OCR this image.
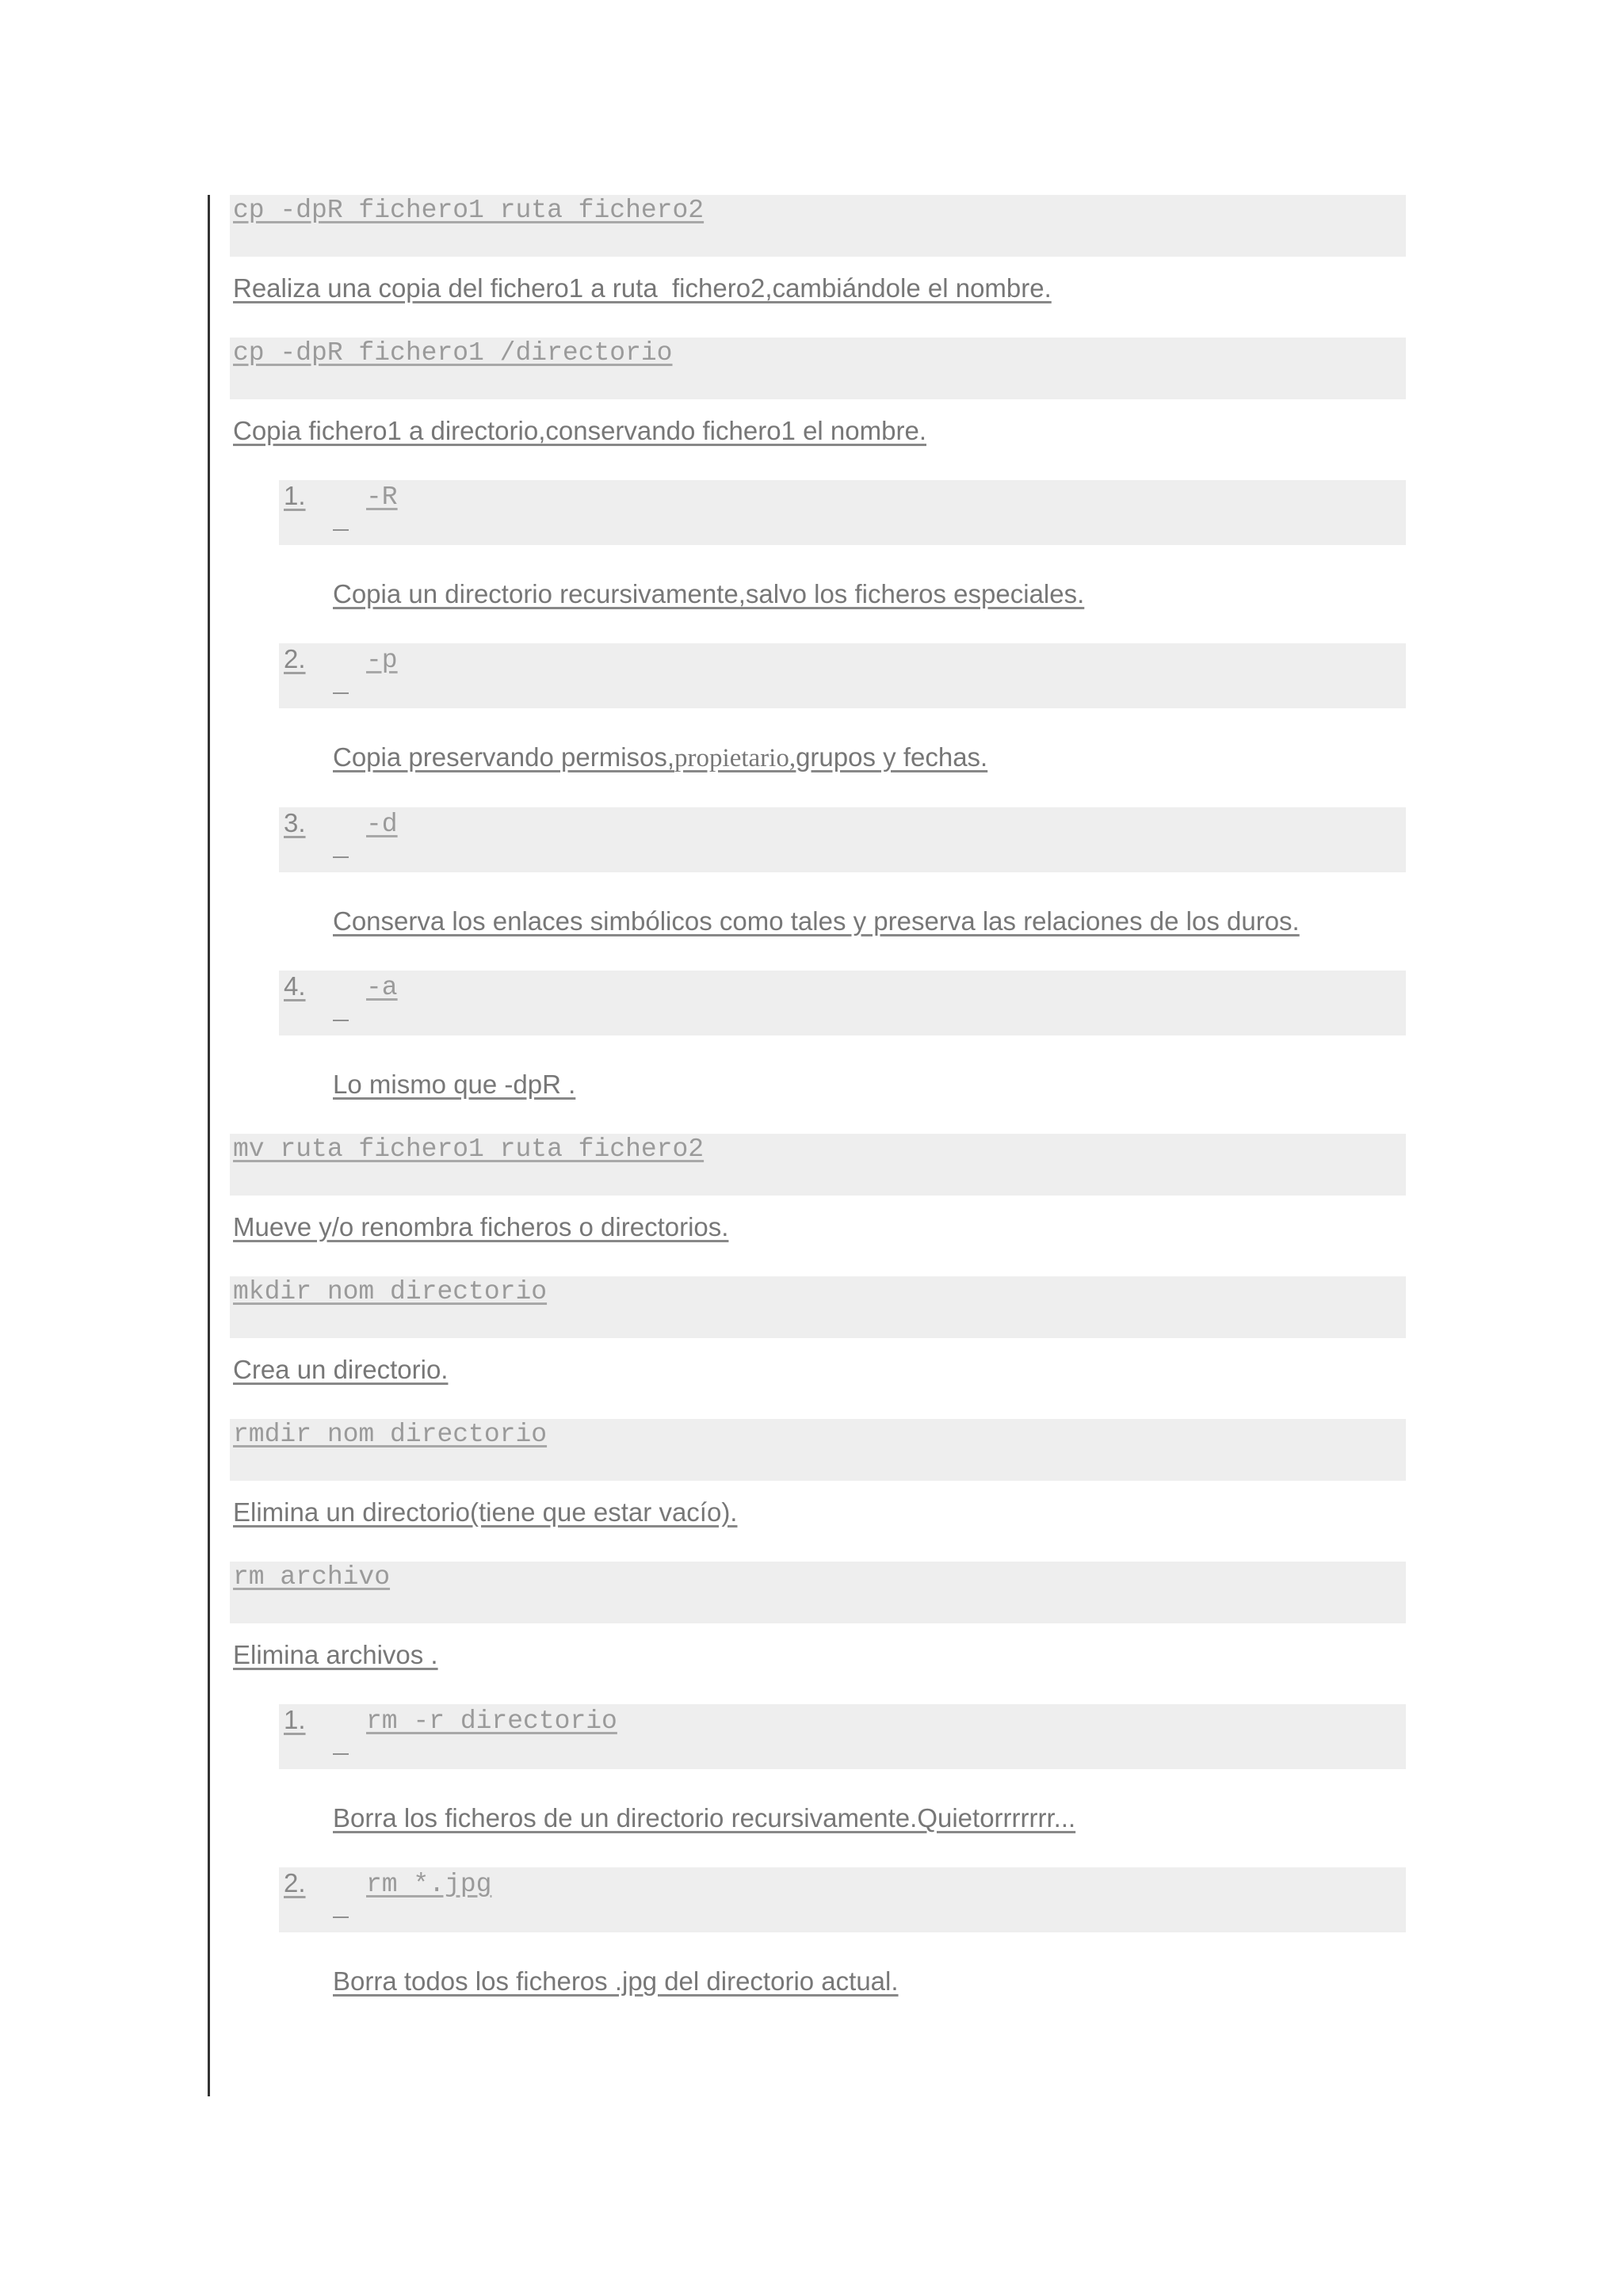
cp -dpR fichero1 ruta fichero2

Realiza una copia del fichero1 a ruta  fichero2,cambiándole el nombre.

cp -dpR fichero1 /directorio

Copia fichero1 a directorio,conservando fichero1 el nombre.

1.	-R

Copia un directorio recursivamente,salvo los ficheros especiales.

2.	-p

Copia preservando permisos,propietario,grupos y fechas.

3.	-d

Conserva los enlaces simbólicos como tales y preserva las relaciones de los duros.

4.	-a

Lo mismo que -dpR .

mv ruta fichero1 ruta fichero2

Mueve y/o renombra ficheros o directorios.

mkdir nom directorio

Crea un directorio.

rmdir nom directorio

Elimina un directorio(tiene que estar vacío).

rm archivo

Elimina archivos .

1.	rm -r directorio

Borra los ficheros de un directorio recursivamente.Quietorrrrrrr...

2.	rm *.jpg

Borra todos los ficheros .jpg del directorio actual.
